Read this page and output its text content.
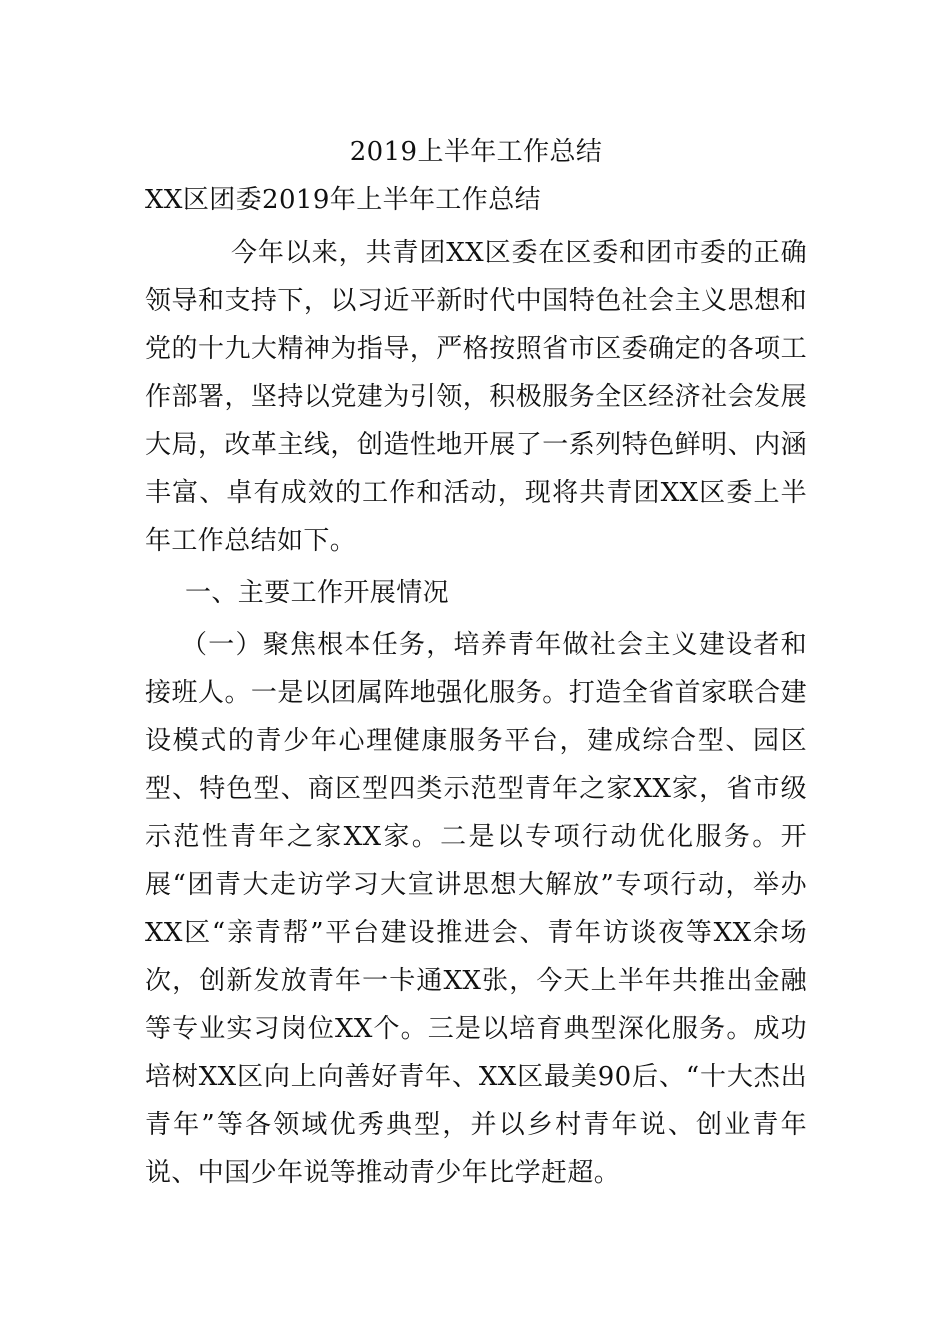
2019上半年工作总结

XX区团委2019年上半年工作总结

今年以来，共青团XX区委在区委和团市委的正确领导和支持下，以习近平新时代中国特色社会主义思想和党的十九大精神为指导，严格按照省市区委确定的各项工作部署，坚持以党建为引领，积极服务全区经济社会发展大局，改革主线，创造性地开展了一系列特色鲜明、内涵丰富、卓有成效的工作和活动，现将共青团XX区委上半年工作总结如下。

一、主要工作开展情况

（一）聚焦根本任务，培养青年做社会主义建设者和接班人。一是以团属阵地强化服务。打造全省首家联合建设模式的青少年心理健康服务平台，建成综合型、园区型、特色型、商区型四类示范型青年之家XX家，省市级示范性青年之家XX家。二是以专项行动优化服务。开展“团青大走访学习大宣讲思想大解放”专项行动，举办XX区“亲青帮”平台建设推进会、青年访谈夜等XX余场次，创新发放青年一卡通XX张，今天上半年共推出金融等专业实习岗位XX个。三是以培育典型深化服务。成功培树XX区向上向善好青年、XX区最美90后、“十大杰出青年”等各领域优秀典型，并以乡村青年说、创业青年说、中国少年说等推动青少年比学赶超。
